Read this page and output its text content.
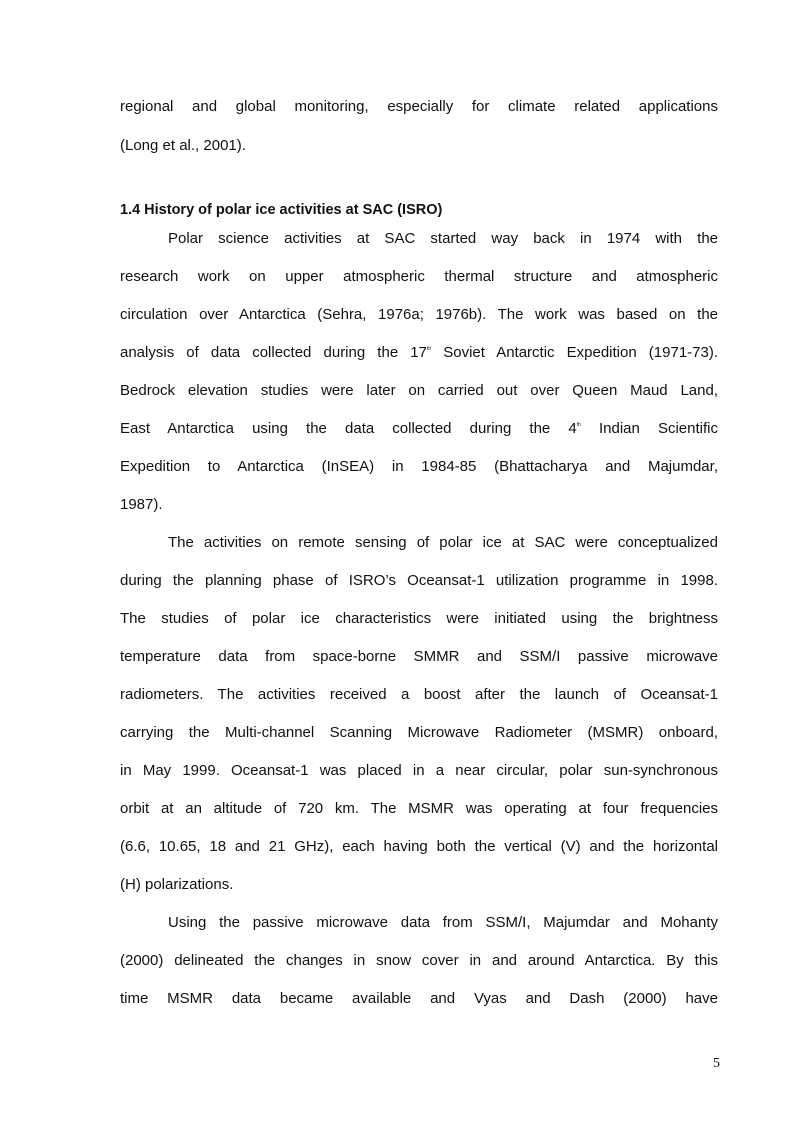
regional and global monitoring, especially for climate related applications
(Long et al., 2001).
1.4 History of polar ice activities at SAC (ISRO)
Polar science activities at SAC started way back in 1974 with the
research work on upper atmospheric thermal structure and atmospheric
circulation over Antarctica (Sehra, 1976a; 1976b). The work was based on the
analysis of data collected during the 17th Soviet Antarctic Expedition (1971-73).
Bedrock elevation studies were later on carried out over Queen Maud Land,
East Antarctica using the data collected during the 4th Indian Scientific
Expedition to Antarctica (InSEA) in 1984-85 (Bhattacharya and Majumdar,
1987).
The activities on remote sensing of polar ice at SAC were conceptualized
during the planning phase of ISRO’s Oceansat-1 utilization programme in 1998.
The studies of polar ice characteristics were initiated using the brightness
temperature data from space-borne SMMR and SSM/I passive microwave
radiometers. The activities received a boost after the launch of Oceansat-1
carrying the Multi-channel Scanning Microwave Radiometer (MSMR) onboard,
in May 1999. Oceansat-1 was placed in a near circular, polar sun-synchronous
orbit at an altitude of 720 km. The MSMR was operating at four frequencies
(6.6, 10.65, 18 and 21 GHz), each having both the vertical (V) and the horizontal
(H) polarizations.
Using the passive microwave data from SSM/I, Majumdar and Mohanty
(2000) delineated the changes in snow cover in and around Antarctica. By this
time MSMR data became available and Vyas and Dash (2000) have
5
